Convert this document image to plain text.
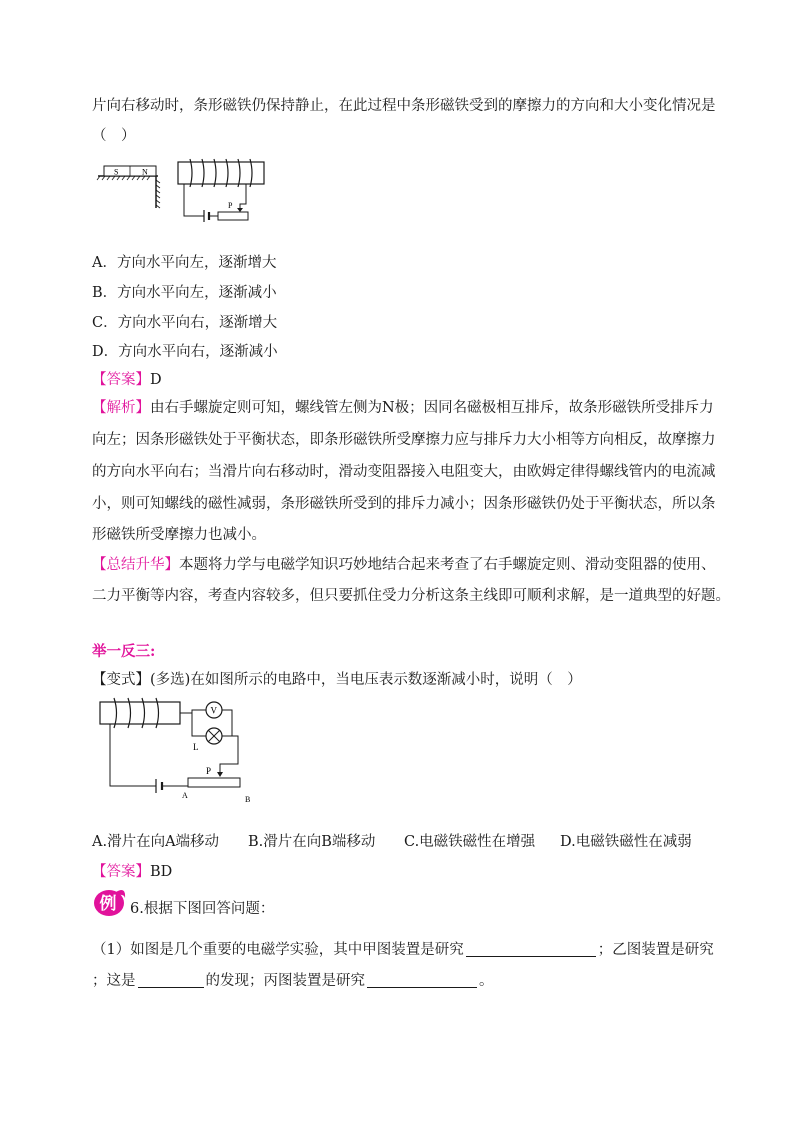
片向右移动时，条形磁铁仍保持静止，在此过程中条形磁铁受到的摩擦力的方向和大小变化情况是
（　）
S	N
P
A．方向水平向左，逐渐增大
B．方向水平向左，逐渐减小
C．方向水平向右，逐渐增大
D．方向水平向右，逐渐减小
【答案】D
【解析】由右手螺旋定则可知，螺线管左侧为N极；因同名磁极相互排斥，故条形磁铁所受排斥力
向左；因条形磁铁处于平衡状态，即条形磁铁所受摩擦力应与排斥力大小相等方向相反，故摩擦力
的方向水平向右；当滑片向右移动时，滑动变阻器接入电阻变大，由欧姆定律得螺线管内的电流减
小，则可知螺线的磁性减弱，条形磁铁所受到的排斥力减小；因条形磁铁仍处于平衡状态，所以条
形磁铁所受摩擦力也减小。
【总结升华】本题将力学与电磁学知识巧妙地结合起来考查了右手螺旋定则、滑动变阻器的使用、
二力平衡等内容，考查内容较多，但只要抓住受力分析这条主线即可顺利求解，是一道典型的好题。
举一反三:
【变式】(多选)在如图所示的电路中，当电压表示数逐渐减小时，说明（　）
V
L
P
A	B
A.滑片在向A端移动 B.滑片在向B端移动 C.电磁铁磁性在增强 D.电磁铁磁性在减弱
【答案】BD
例 6.根据下图回答问题：
（1）如图是几个重要的电磁学实验，其中甲图装置是研究	；乙图装置是研究
；这是	的发现；丙图装置是研究	。
